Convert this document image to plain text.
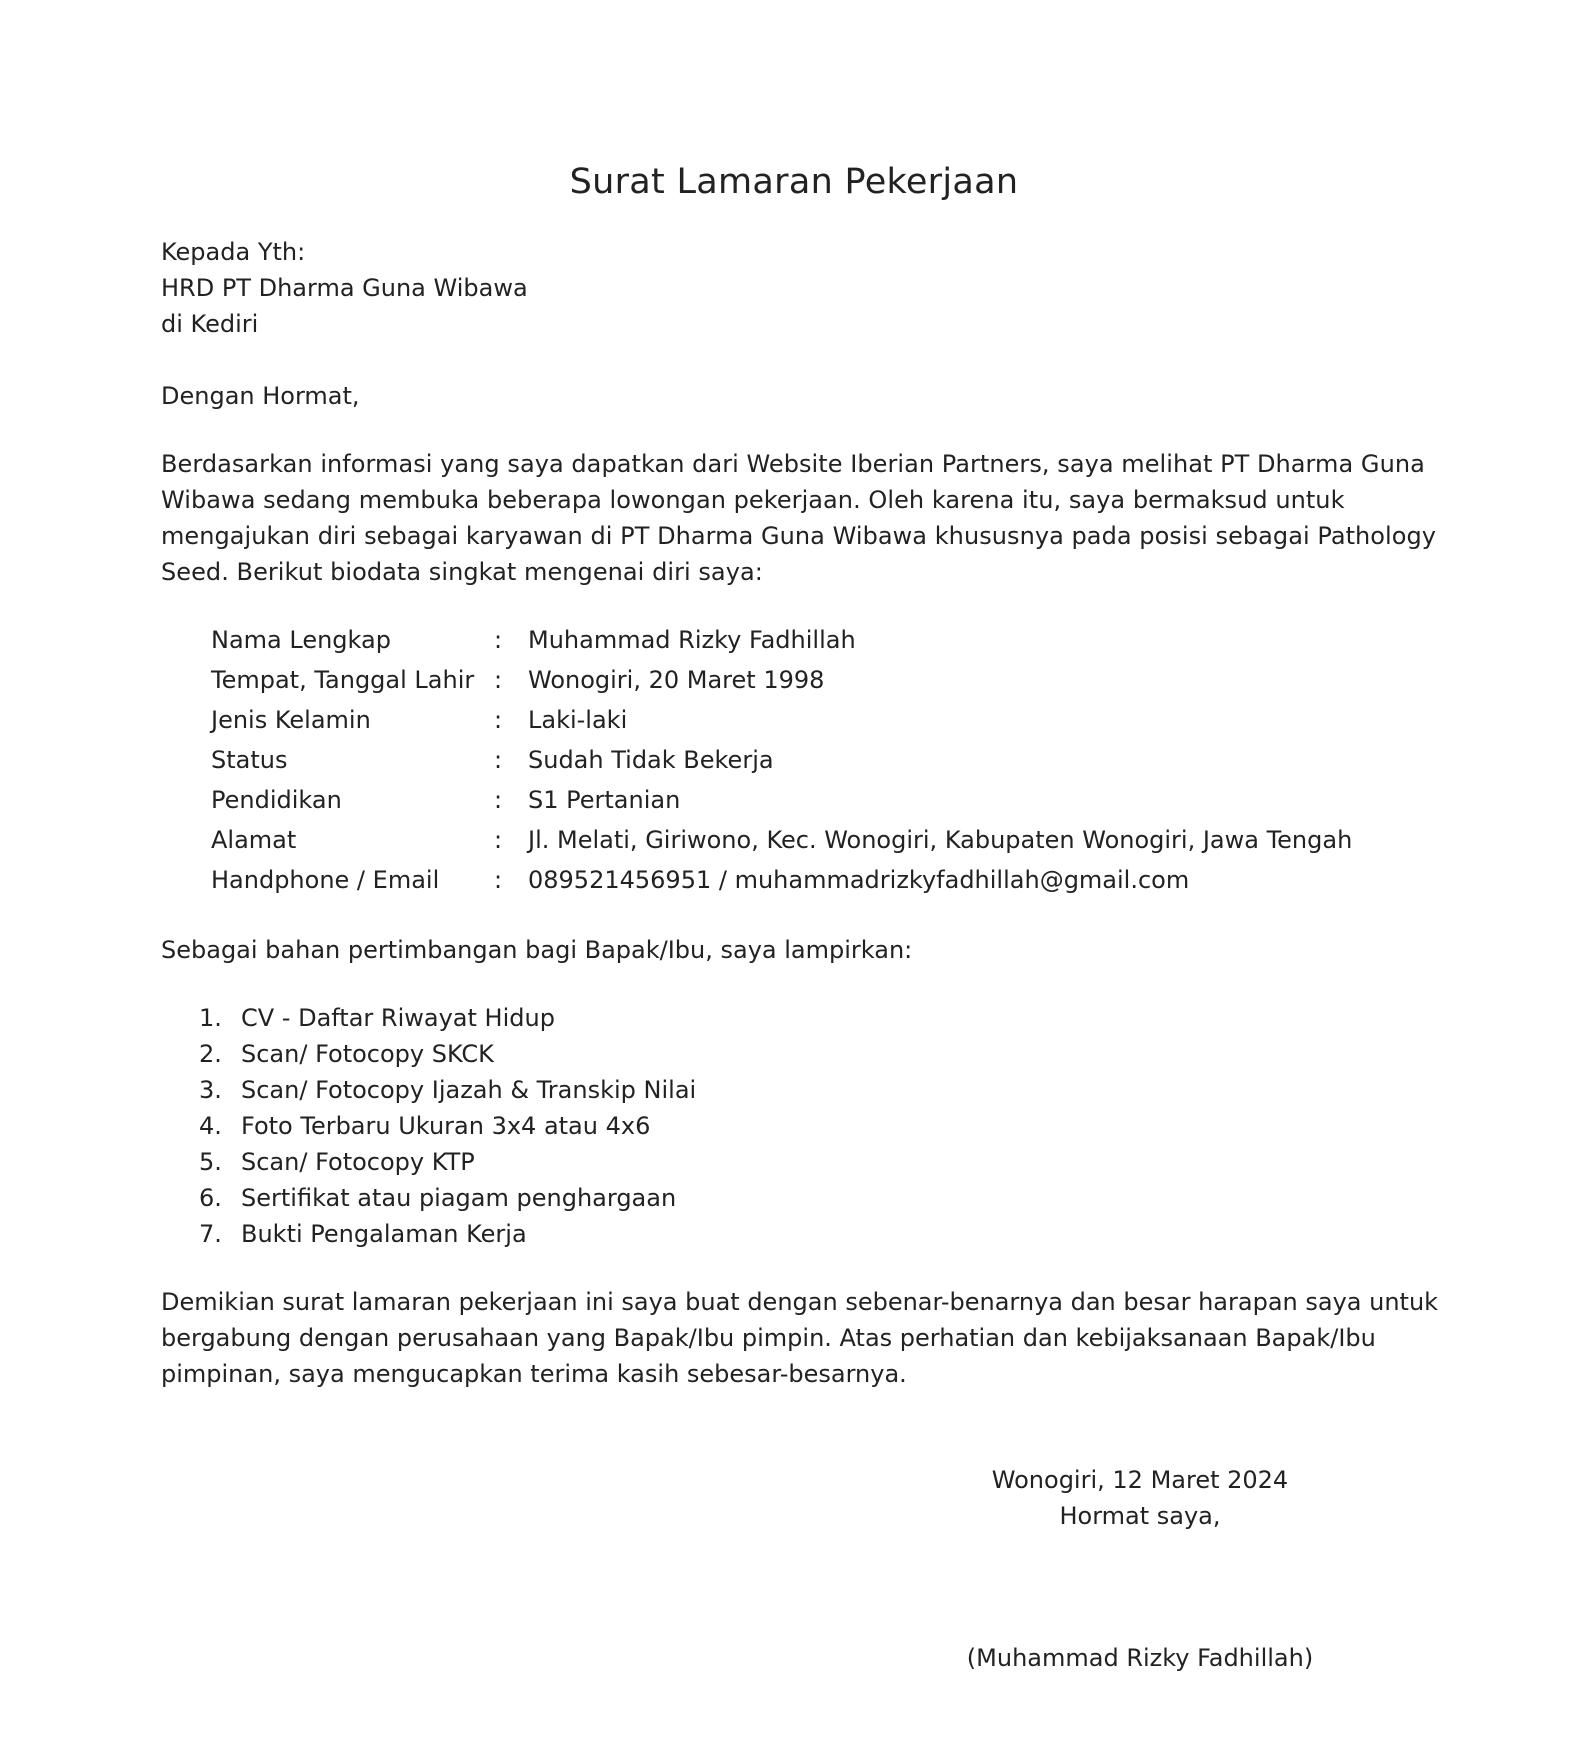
Surat Lamaran Pekerjaan
Kepada Yth:
HRD PT Dharma Guna Wibawa
di Kediri
Dengan Hormat,
Berdasarkan informasi yang saya dapatkan dari Website Iberian Partners, saya melihat PT Dharma Guna Wibawa sedang membuka beberapa lowongan pekerjaan. Oleh karena itu, saya bermaksud untuk mengajukan diri sebagai karyawan di PT Dharma Guna Wibawa khususnya pada posisi sebagai Pathology Seed. Berikut biodata singkat mengenai diri saya:
Nama Lengkap	:	Muhammad Rizky Fadhillah
Tempat, Tanggal Lahir	:	Wonogiri, 20 Maret 1998
Jenis Kelamin	:	Laki-laki
Status	:	Sudah Tidak Bekerja
Pendidikan	:	S1 Pertanian
Alamat	:	Jl. Melati, Giriwono, Kec. Wonogiri, Kabupaten Wonogiri, Jawa Tengah
Handphone / Email	:	089521456951 / muhammadrizkyfadhillah@gmail.com
Sebagai bahan pertimbangan bagi Bapak/Ibu, saya lampirkan:
1. CV - Daftar Riwayat Hidup
2. Scan/ Fotocopy SKCK
3. Scan/ Fotocopy Ijazah & Transkip Nilai
4. Foto Terbaru Ukuran 3x4 atau 4x6
5. Scan/ Fotocopy KTP
6. Sertifikat atau piagam penghargaan
7. Bukti Pengalaman Kerja
Demikian surat lamaran pekerjaan ini saya buat dengan sebenar-benarnya dan besar harapan saya untuk bergabung dengan perusahaan yang Bapak/Ibu pimpin. Atas perhatian dan kebijaksanaan Bapak/Ibu pimpinan, saya mengucapkan terima kasih sebesar-besarnya.
Wonogiri, 12 Maret 2024
Hormat saya,
(Muhammad Rizky Fadhillah)
